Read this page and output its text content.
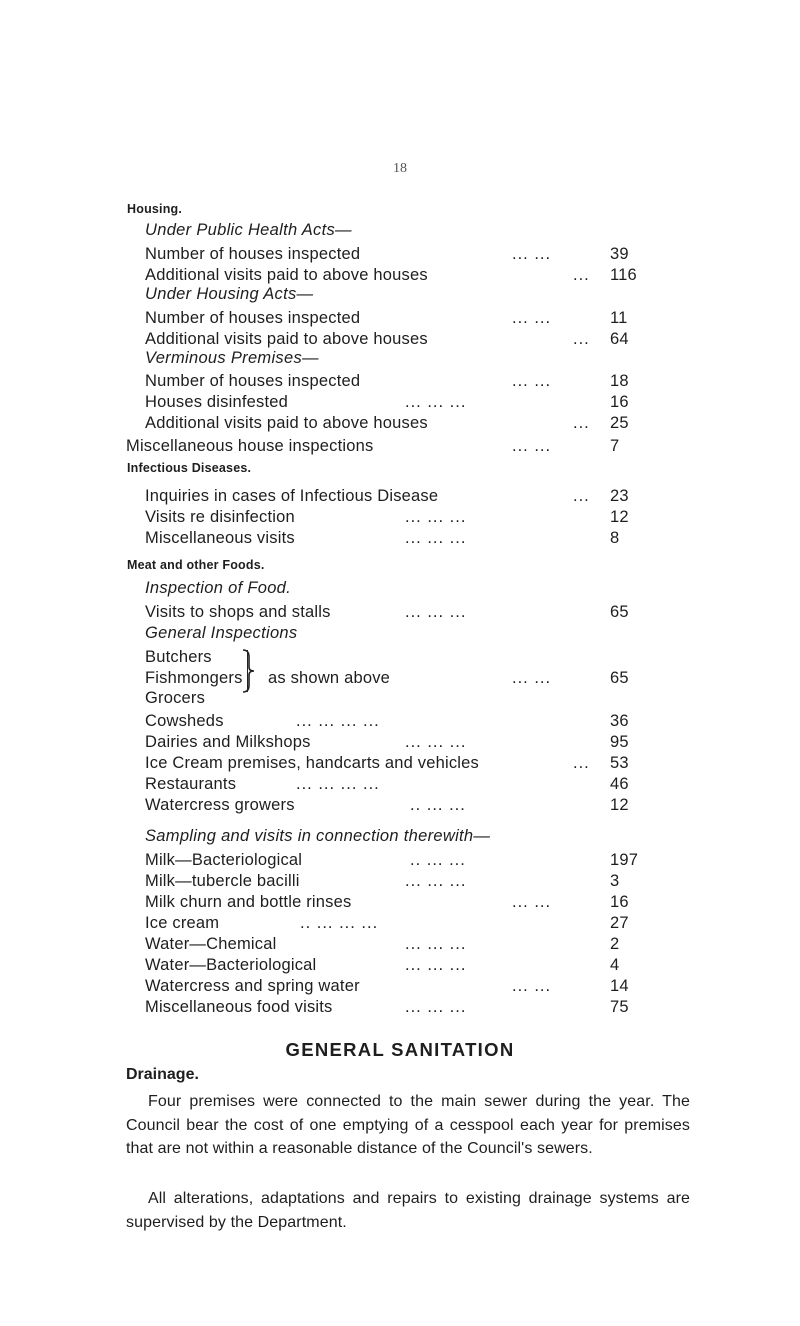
18
Housing.
Under Public Health Acts—
Number of houses inspected	... ...	39
Additional visits paid to above houses	... 116
Under Housing Acts—
Number of houses inspected	... ...	11
Additional visits paid to above houses	... 64
Verminous Premises—
Number of houses inspected	... ...	18
Houses disinfested	... ... ...	16
Additional visits paid to above houses	... 25
Miscellaneous house inspections	... ...	7
Infectious Diseases.
Inquiries in cases of Infectious Disease	... 23
Visits re disinfection	... ... ...	12
Miscellaneous visits	... ... ...	8
Meat and other Foods.
Inspection of Food.
Visits to shops and stalls	... ... ...	65
General Inspections
Butchers
Fishmongers as shown above	... ...	65
Grocers
Cowsheds	... ... ... ...	36
Dairies and Milkshops	... ... ...	95
Ice Cream premises, handcarts and vehicles	... 53
Restaurants	... ... ... ...	46
Watercress growers	.. ... ...	12
Sampling and visits in connection therewith—
Milk—Bacteriological	.. ... ...	197
Milk—tubercle bacilli	... ... ...	3
Milk churn and bottle rinses	... ...	16
Ice cream	.. ... ... ...	27
Water—Chemical	... ... ...	2
Water—Bacteriological	... ... ...	4
Watercress and spring water	... ...	14
Miscellaneous food visits	... ... ...	75
GENERAL SANITATION
Drainage.
Four premises were connected to the main sewer during the year. The Council bear the cost of one emptying of a cesspool each year for premises that are not within a reasonable distance of the Council's sewers.
All alterations, adaptations and repairs to existing drainage systems are supervised by the Department.
